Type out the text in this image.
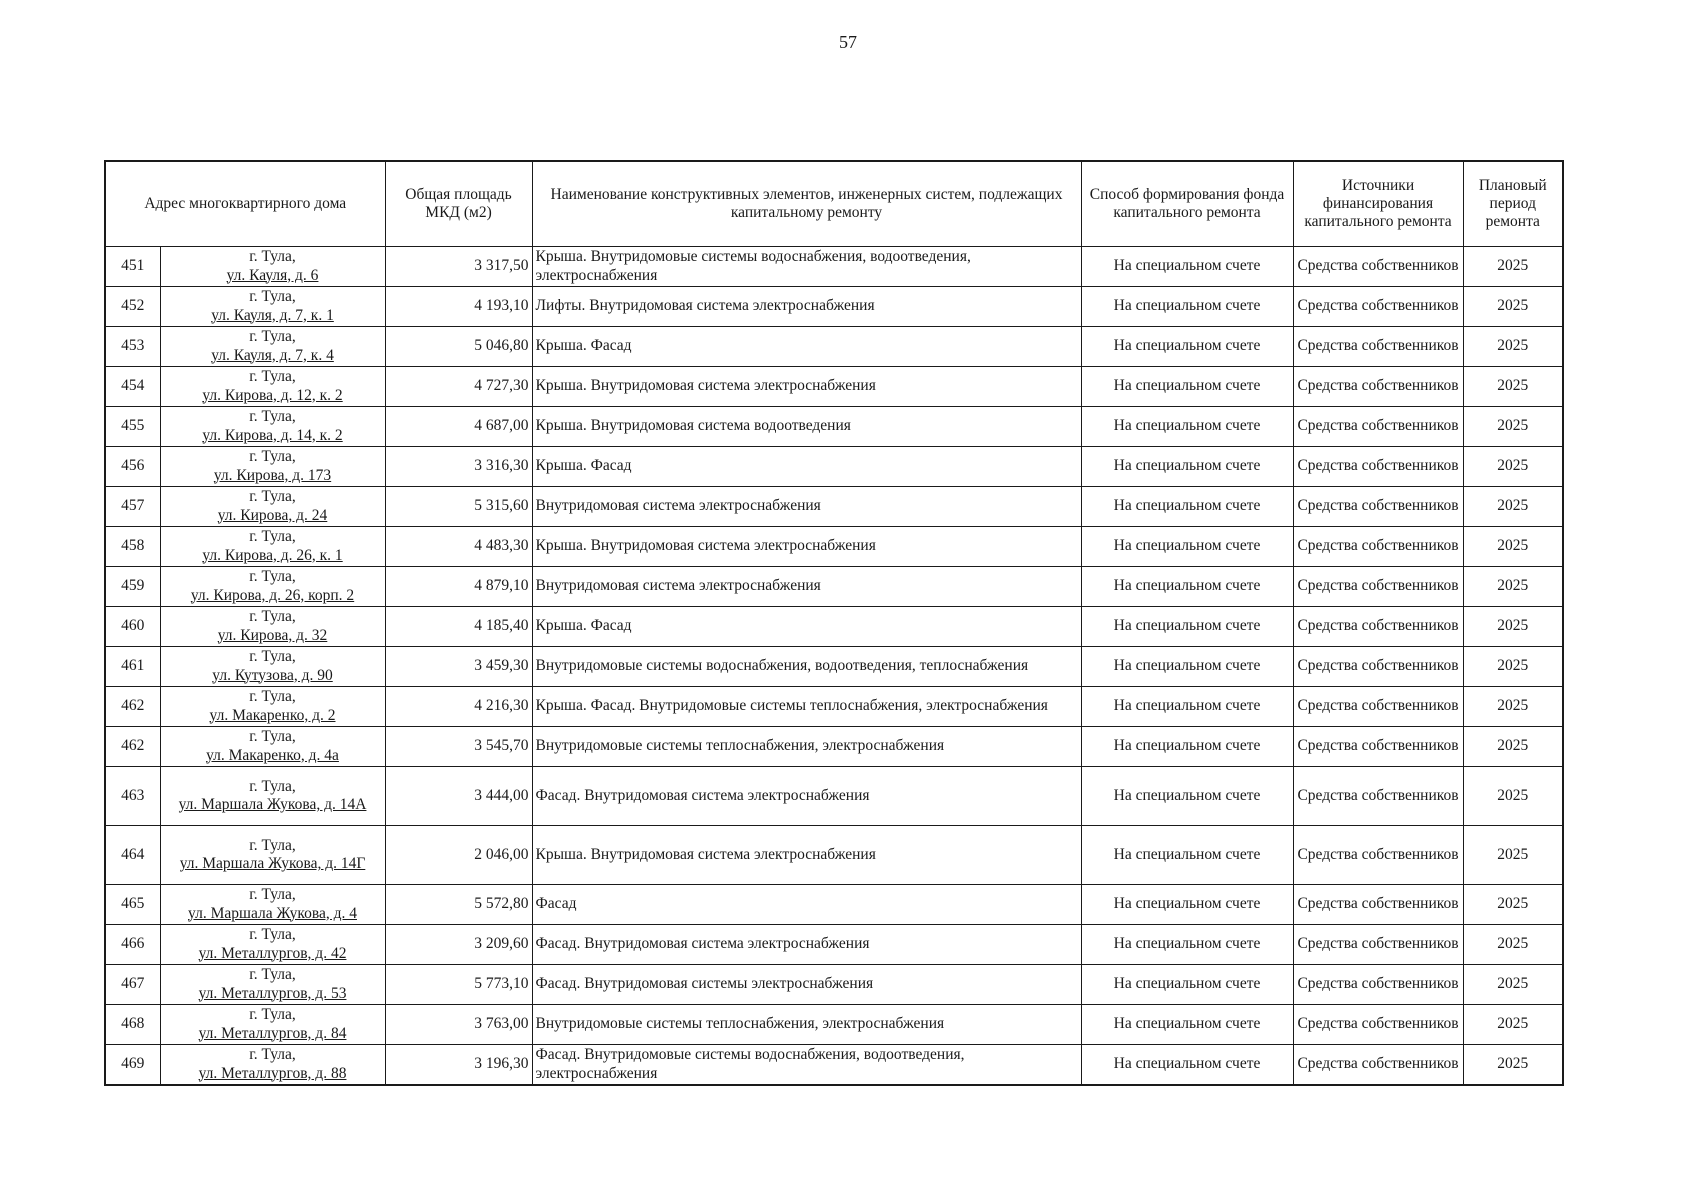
57
Адрес многоквартирного дома		Общая площадь МКД (м2)	Наименование конструктивных элементов, инженерных систем, подлежащих капитальному ремонту	Способ формирования фонда капитального ремонта	Источники финансирования капитального ремонта	Плановый период ремонта
451	г. Тула,
ул. Кауля, д. 6	3 317,50	Крыша. Внутридомовые системы водоснабжения, водоотведения, электроснабжения	На специальном счете	Средства собственников	2025
452	г. Тула,
ул. Кауля, д. 7, к. 1	4 193,10	Лифты. Внутридомовая система электроснабжения	На специальном счете	Средства собственников	2025
453	г. Тула,
ул. Кауля, д. 7, к. 4	5 046,80	Крыша. Фасад	На специальном счете	Средства собственников	2025
454	г. Тула,
ул. Кирова, д. 12, к. 2	4 727,30	Крыша. Внутридомовая система электроснабжения	На специальном счете	Средства собственников	2025
455	г. Тула,
ул. Кирова, д. 14, к. 2	4 687,00	Крыша. Внутридомовая система водоотведения	На специальном счете	Средства собственников	2025
456	г. Тула,
ул. Кирова, д. 173	3 316,30	Крыша. Фасад	На специальном счете	Средства собственников	2025
457	г. Тула,
ул. Кирова, д. 24	5 315,60	Внутридомовая система электроснабжения	На специальном счете	Средства собственников	2025
458	г. Тула,
ул. Кирова, д. 26, к. 1	4 483,30	Крыша. Внутридомовая система электроснабжения	На специальном счете	Средства собственников	2025
459	г. Тула,
ул. Кирова, д. 26, корп. 2	4 879,10	Внутридомовая система электроснабжения	На специальном счете	Средства собственников	2025
460	г. Тула,
ул. Кирова, д. 32	4 185,40	Крыша. Фасад	На специальном счете	Средства собственников	2025
461	г. Тула,
ул. Кутузова, д. 90	3 459,30	Внутридомовые системы водоснабжения, водоотведения, теплоснабжения	На специальном счете	Средства собственников	2025
462	г. Тула,
ул. Макаренко, д. 2	4 216,30	Крыша. Фасад. Внутридомовые системы теплоснабжения, электроснабжения	На специальном счете	Средства собственников	2025
462	г. Тула,
ул. Макаренко, д. 4а	3 545,70	Внутридомовые системы теплоснабжения, электроснабжения	На специальном счете	Средства собственников	2025
463	г. Тула,
ул. Маршала Жукова, д. 14А	3 444,00	Фасад. Внутридомовая система электроснабжения	На специальном счете	Средства собственников	2025
464	г. Тула,
ул. Маршала Жукова, д. 14Г	2 046,00	Крыша. Внутридомовая система электроснабжения	На специальном счете	Средства собственников	2025
465	г. Тула,
ул. Маршала Жукова, д. 4	5 572,80	Фасад	На специальном счете	Средства собственников	2025
466	г. Тула,
ул. Металлургов, д. 42	3 209,60	Фасад. Внутридомовая система электроснабжения	На специальном счете	Средства собственников	2025
467	г. Тула,
ул. Металлургов, д. 53	5 773,10	Фасад. Внутридомовая системы электроснабжения	На специальном счете	Средства собственников	2025
468	г. Тула,
ул. Металлургов, д. 84	3 763,00	Внутридомовые системы теплоснабжения, электроснабжения	На специальном счете	Средства собственников	2025
469	г. Тула,
ул. Металлургов, д. 88	3 196,30	Фасад. Внутридомовые системы водоснабжения, водоотведения, электроснабжения	На специальном счете	Средства собственников	2025
